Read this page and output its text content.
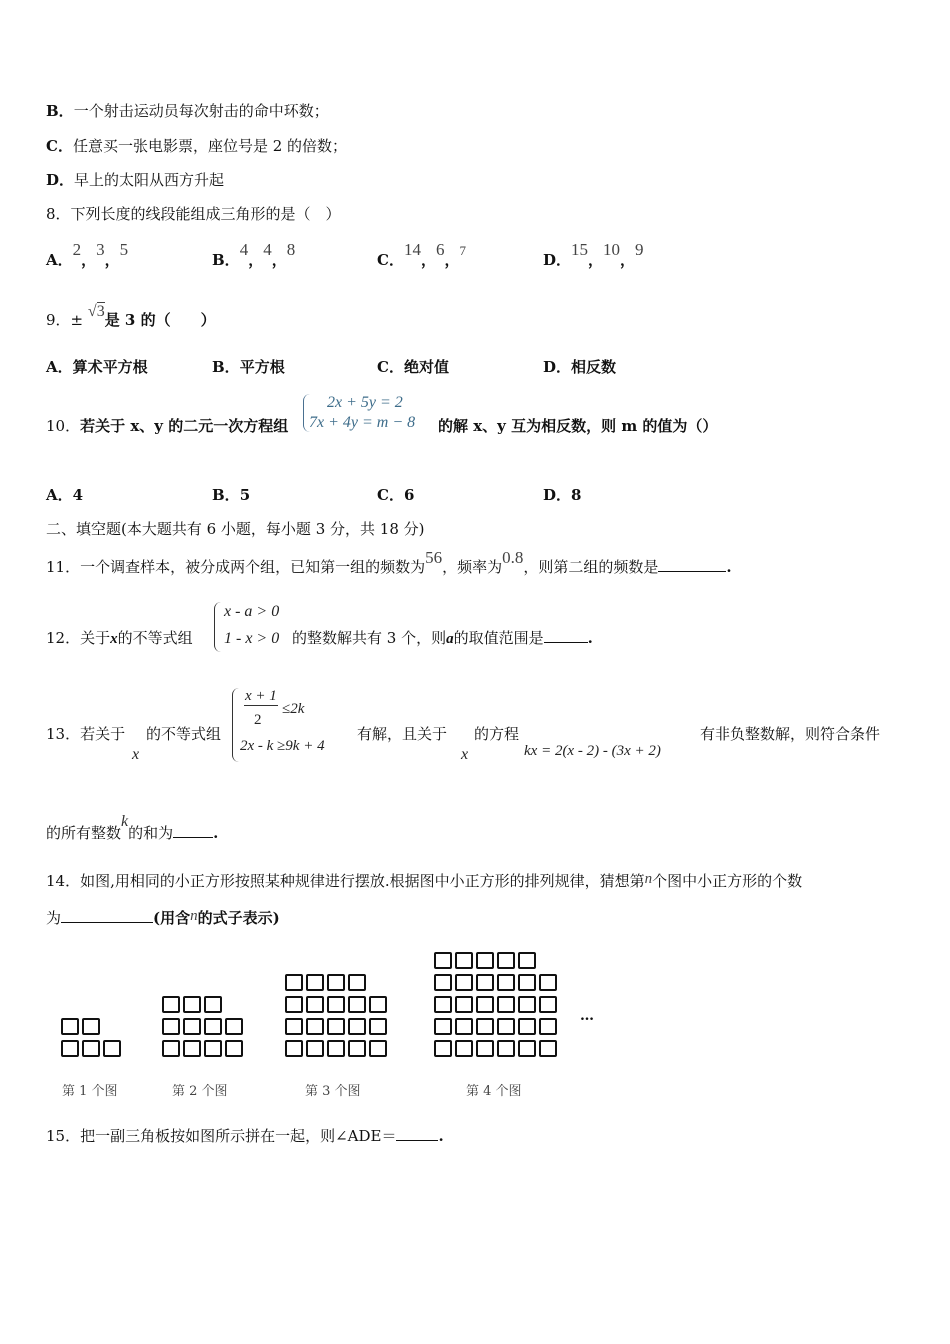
B．一个射击运动员每次射击的命中环数；
C．任意买一张电影票，座位号是 2 的倍数；
D．早上的太阳从西方升起
8．下列长度的线段能组成三角形的是（　）
A．2，3，5
B．4，4，8
C．14，6，7
D．15，10，9
9．± √3是 3 的（　　）
A．算术平方根	B．平方根	C．绝对值	D．相反数
10．若关于 x、y 的二元一次方程组
2x + 5y = 2
7x + 4y = m − 8 的解 x、y 互为相反数，则 m 的值为（）
A．4	B．5	C．6	D．8
二、填空题(本大题共有 6 小题，每小题 3 分，共 18 分)
11．一个调查样本，被分成两个组，已知第一组的频数为56，频率为0.8，则第二组的频数是	.
12．关于x的不等式组
x - a > 0
1 - x > 0 的整数解共有 3 个，则a的取值范围是	.
13．若关于
x
的不等式组
x + 1
2
≤2k
2x - k ≥9k + 4
有解，且关于
x
的方程
kx = 2(x - 2) - (3x + 2)
有非负整数解，则符合条件
的所有整数k的和为	.
14．如图,用相同的小正方形按照某种规律进行摆放.根据图中小正方形的排列规律，猜想第n个图中小正方形的个数
为	(用含n的式子表示)
第 1 个图	第 2 个图	第 3 个图	第 4 个图
…
15．把一副三角板按如图所示拼在一起，则∠ADE＝	.
